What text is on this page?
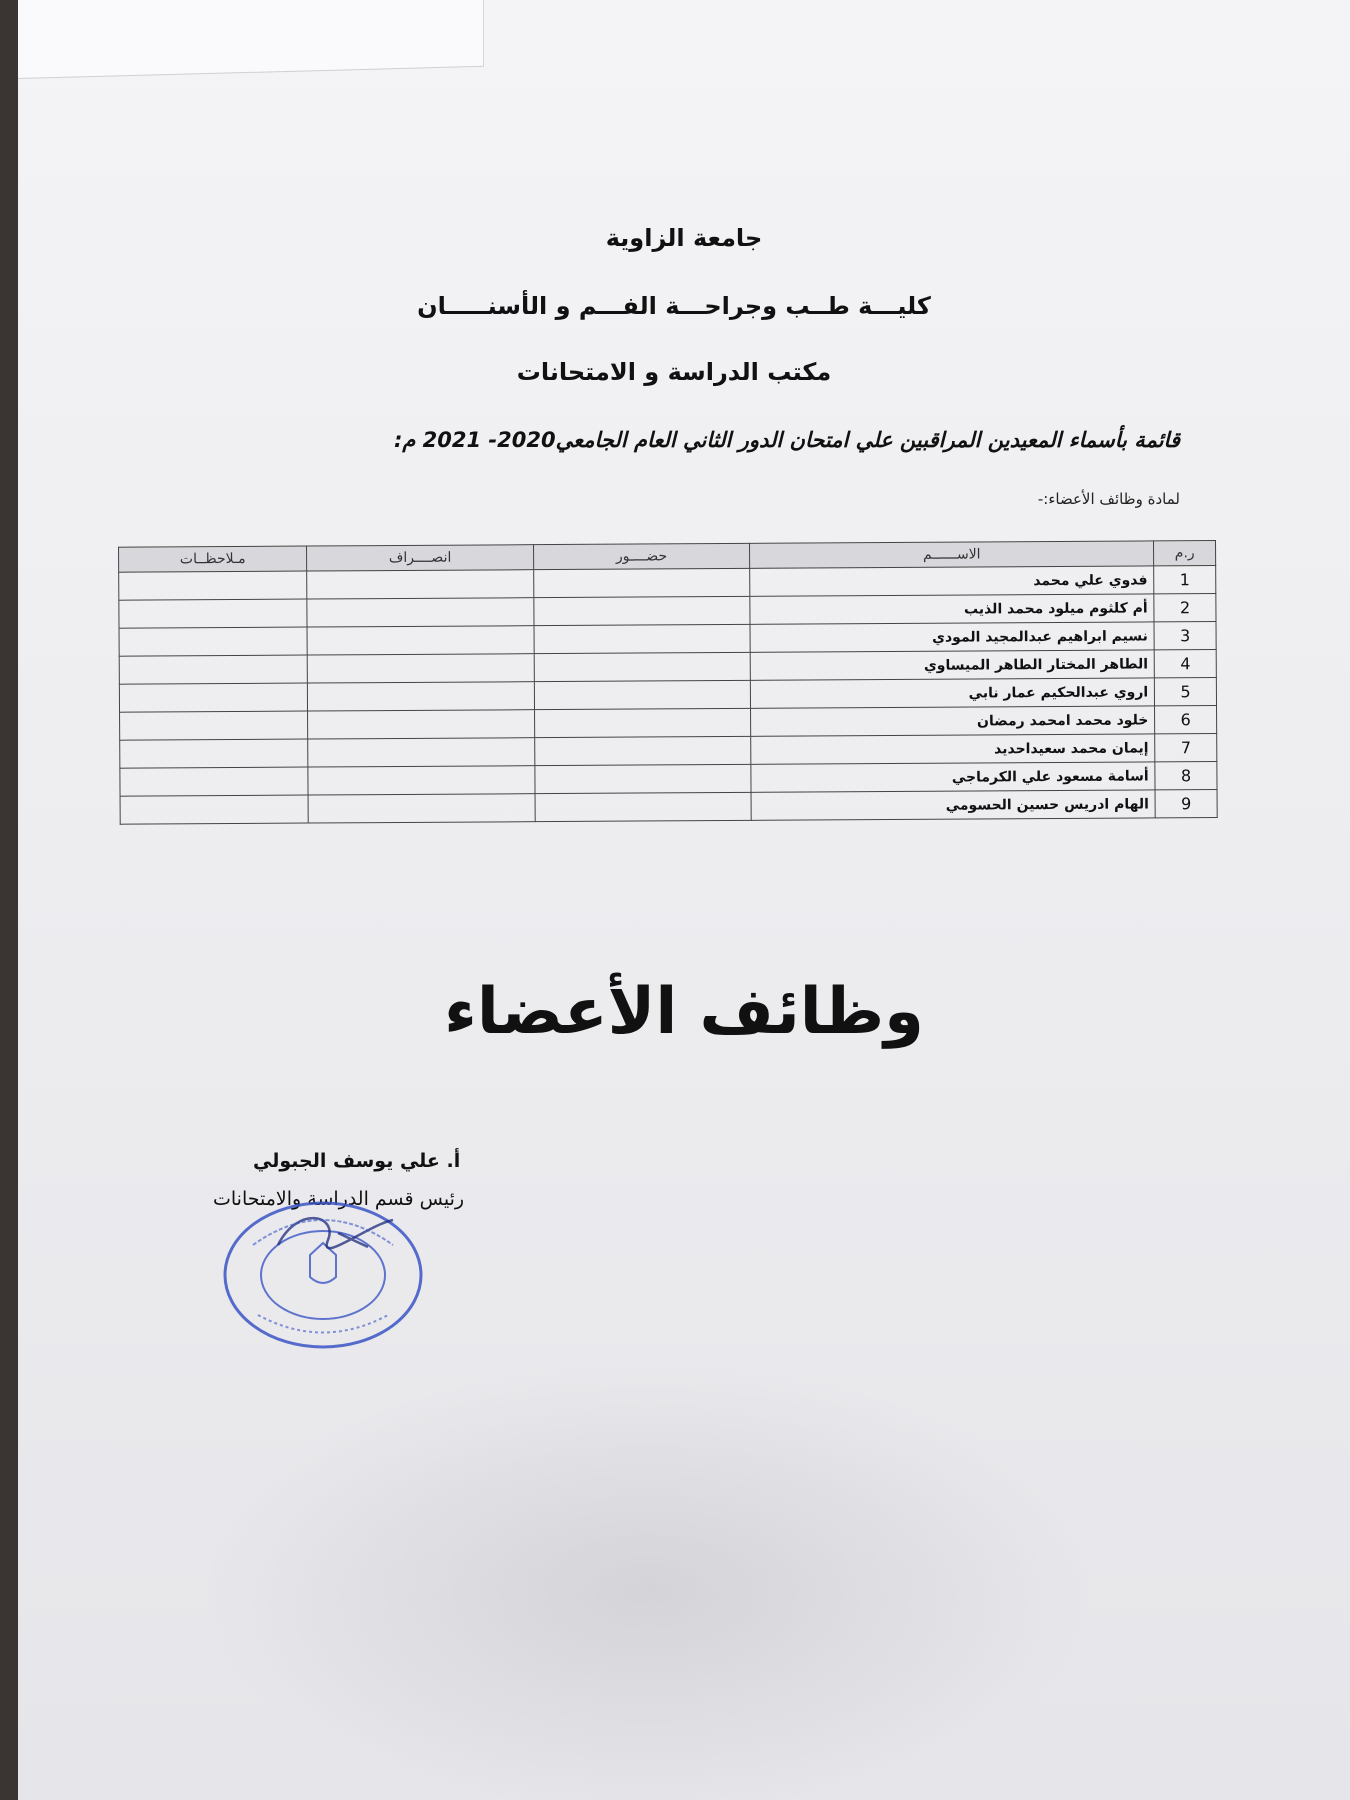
جامعة الزاوية
كليـــة طــب وجراحـــة الفـــم و الأسنـــــان
مكتب الدراسة و الامتحانات
قائمة بأسماء المعيدين المراقبين علي امتحان الدور الثاني العام الجامعي2020- 2021 م:
لمادة وظائف الأعضاء:-
ر.م	الاســــــم	حضــــور	انصــــراف	مـلاحظــات
1	فدوي علي محمد			
2	أم كلثوم ميلود محمد الذيب			
3	نسيم ابراهيم عبدالمجيد المودي			
4	الطاهر المختار الطاهر الميساوي			
5	اروي عبدالحكيم عمار نابي			
6	خلود محمد امحمد رمضان			
7	إيمان محمد سعيداحديد			
8	أسامة مسعود علي الكرماجي			
9	الهام ادريس حسين الحسومي			
وظائف الأعضاء
أ. علي يوسف الجبولي
رئيس قسم الدراسة والامتحانات
